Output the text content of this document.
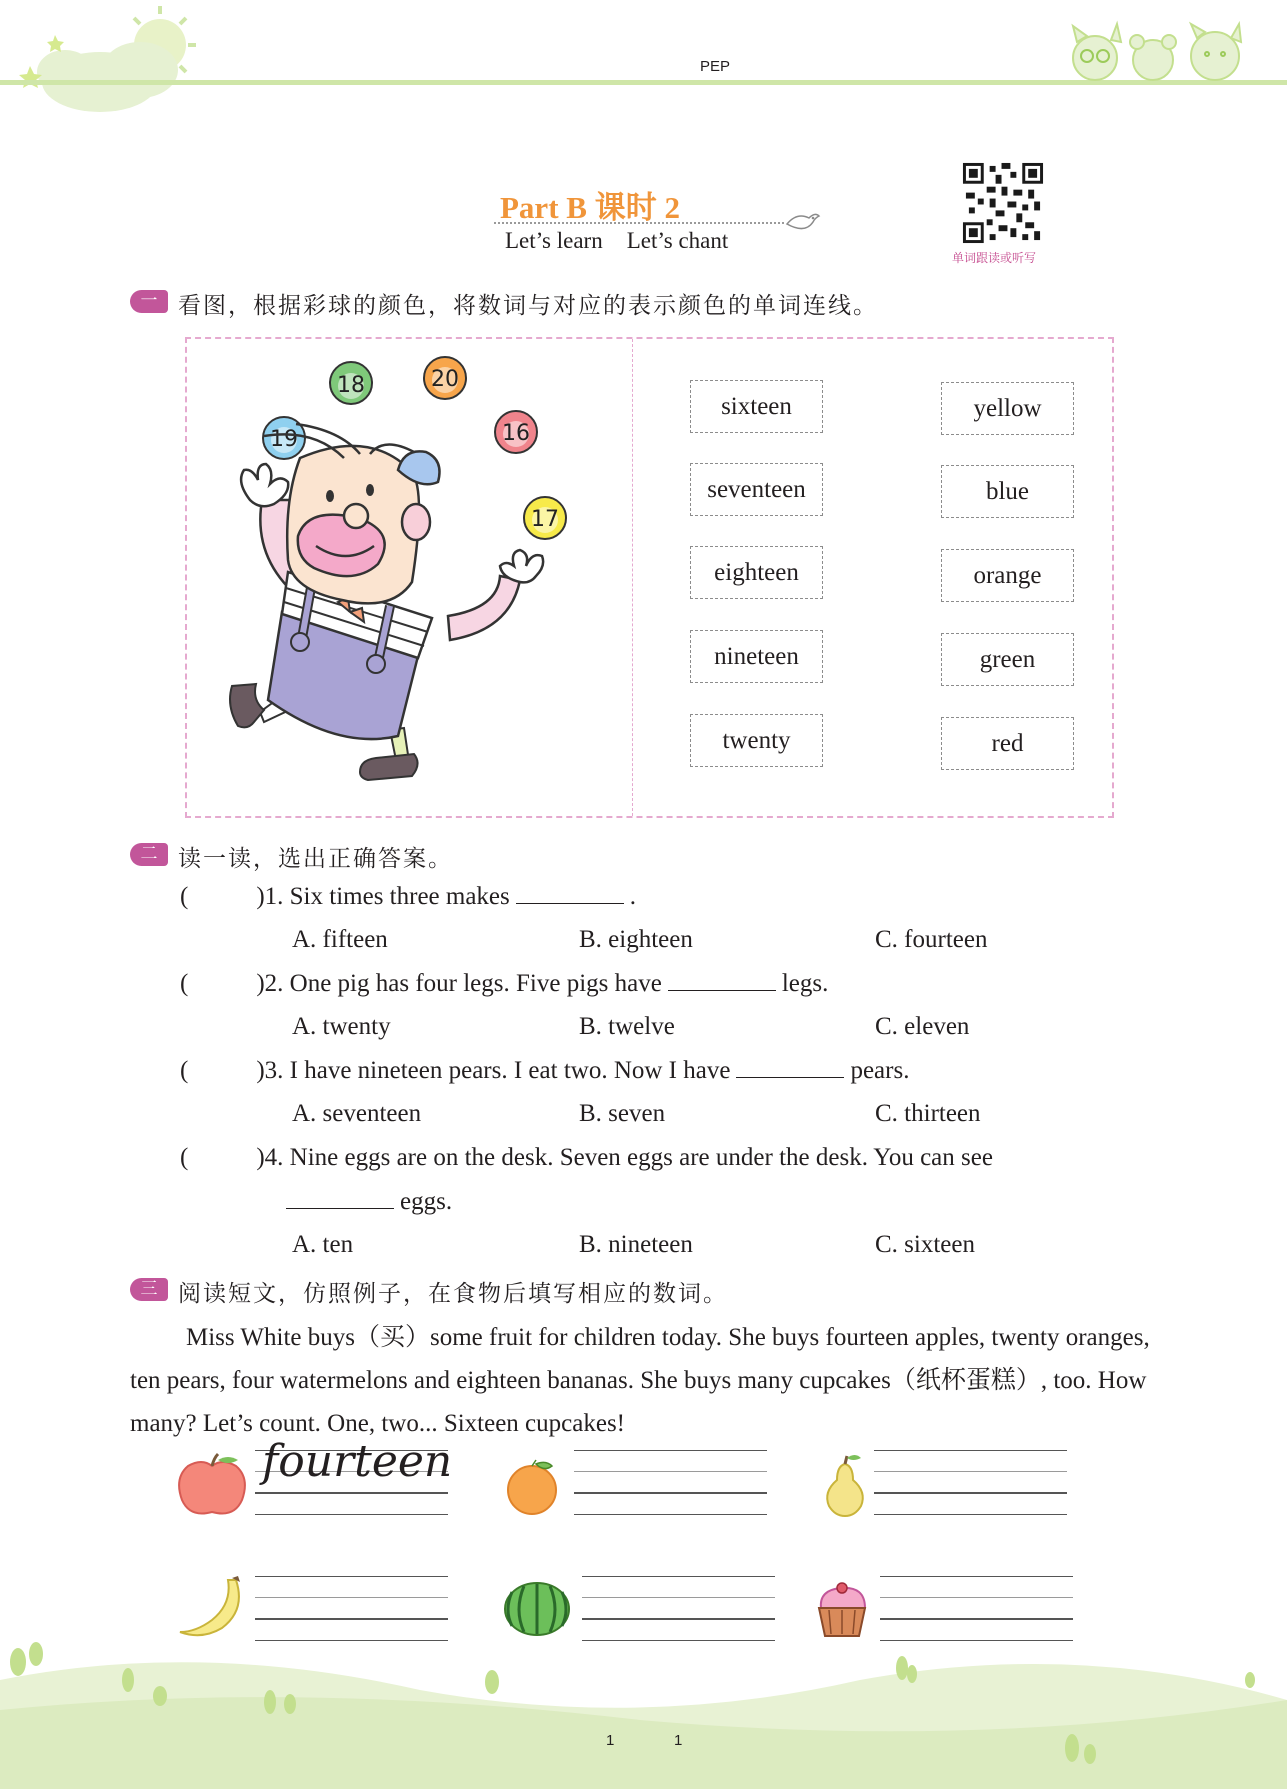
PEP
Part B 课时 2
Let’s learn Let’s chant
单词跟读或听写
一 看图，根据彩球的颜色，将数词与对应的表示颜色的单词连线。
18	20
19	16
17
sixteen
seventeen
eighteen
nineteen
twenty
yellow
blue
orange
green
red
二 读一读，选出正确答案。
(	)1. Six times three makes	.
A. fifteen	B. eighteen	C. fourteen
(	)2. One pig has four legs. Five pigs have	legs.
A. twenty	B. twelve	C. eleven
(	)3. I have nineteen pears. I eat two. Now I have	pears.
A. seventeen	B. seven	C. thirteen
(	)4. Nine eggs are on the desk. Seven eggs are under the desk. You can see
eggs.
A. ten	B. nineteen	C. sixteen
三 阅读短文，仿照例子，在食物后填写相应的数词。
Miss White buys（买）some fruit for children today. She buys fourteen apples, twenty oranges, ten pears, four watermelons and eighteen bananas. She buys many cupcakes（纸杯蛋糕）, too. How many? Let’s count. One, two... Sixteen cupcakes!
fourteen
1	1
